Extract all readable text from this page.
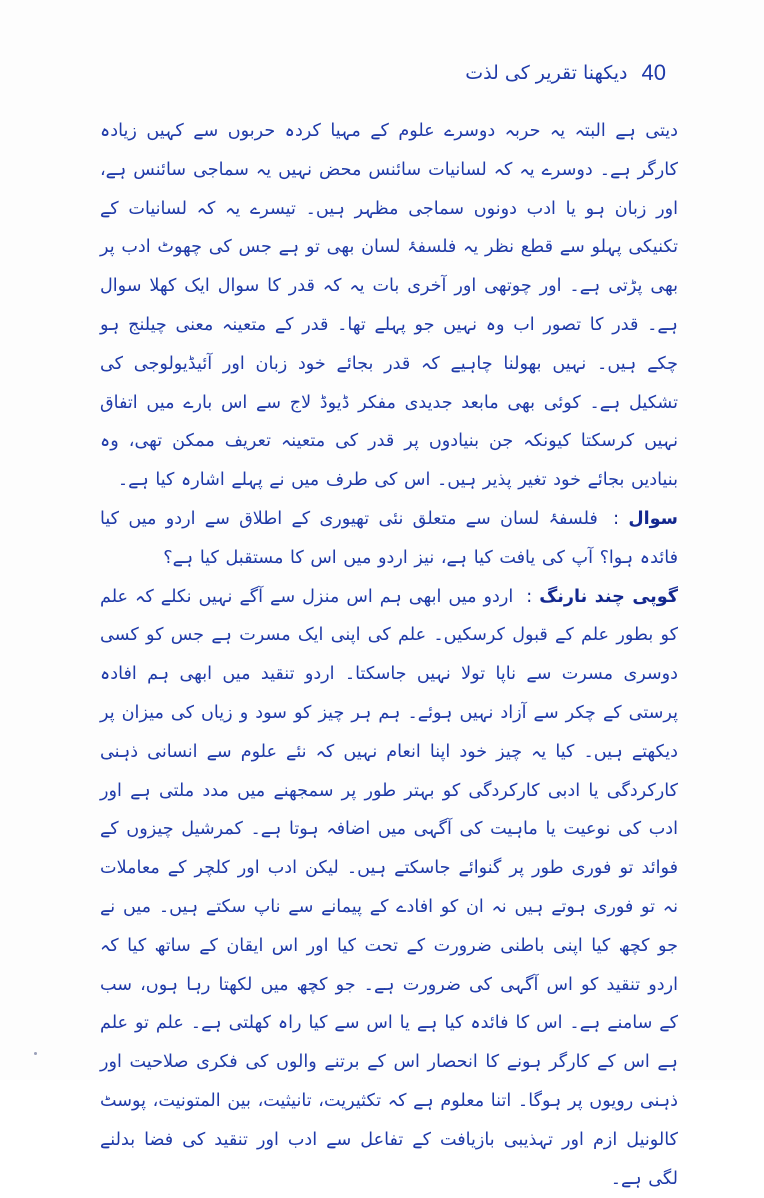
40
دیکھنا تقریر کی لذت

دیتی ہے البتہ یہ حربہ دوسرے علوم کے مہیا کردہ حربوں سے کہیں زیادہ کارگر ہے۔ دوسرے یہ کہ لسانیات سائنس محض نہیں یہ سماجی سائنس ہے، اور زبان ہو یا ادب دونوں سماجی مظہر ہیں۔ تیسرے یہ کہ لسانیات کے تکنیکی پہلو سے قطع نظر یہ فلسفۂ لسان بھی تو ہے جس کی چھوٹ ادب پر بھی پڑتی ہے۔ اور چوتھی اور آخری بات یہ کہ قدر کا سوال ایک کھلا سوال ہے۔ قدر کا تصور اب وہ نہیں جو پہلے تھا۔ قدر کے متعینہ معنی چیلنج ہو چکے ہیں۔ نہیں بھولنا چاہیے کہ قدر بجائے خود زبان اور آئیڈیولوجی کی تشکیل ہے۔ کوئی بھی مابعد جدیدی مفکر ڈیوڈ لاج سے اس بارے میں اتفاق نہیں کرسکتا کیونکہ جن بنیادوں پر قدر کی متعینہ تعریف ممکن تھی، وہ بنیادیں بجائے خود تغیر پذیر ہیں۔ اس کی طرف میں نے پہلے اشارہ کیا ہے۔

سوال : فلسفۂ لسان سے متعلق نئی تھیوری کے اطلاق سے اردو میں کیا فائدہ ہوا؟ آپ کی یافت کیا ہے، نیز اردو میں اس کا مستقبل کیا ہے؟

گوپی چند نارنگ : اردو میں ابھی ہم اس منزل سے آگے نہیں نکلے کہ علم کو بطور علم کے قبول کرسکیں۔ علم کی اپنی ایک مسرت ہے جس کو کسی دوسری مسرت سے ناپا تولا نہیں جاسکتا۔ اردو تنقید میں ابھی ہم افادہ پرستی کے چکر سے آزاد نہیں ہوئے۔ ہم ہر چیز کو سود و زیاں کی میزان پر دیکھتے ہیں۔ کیا یہ چیز خود اپنا انعام نہیں کہ نئے علوم سے انسانی ذہنی کارکردگی یا ادبی کارکردگی کو بہتر طور پر سمجھنے میں مدد ملتی ہے اور ادب کی نوعیت یا ماہیت کی آگہی میں اضافہ ہوتا ہے۔ کمرشیل چیزوں کے فوائد تو فوری طور پر گنوائے جاسکتے ہیں۔ لیکن ادب اور کلچر کے معاملات نہ تو فوری ہوتے ہیں نہ ان کو افادے کے پیمانے سے ناپ سکتے ہیں۔ میں نے جو کچھ کیا اپنی باطنی ضرورت کے تحت کیا اور اس ایقان کے ساتھ کیا کہ اردو تنقید کو اس آگہی کی ضرورت ہے۔ جو کچھ میں لکھتا رہا ہوں، سب کے سامنے ہے۔ اس کا فائدہ کیا ہے یا اس سے کیا راہ کھلتی ہے۔ علم تو علم ہے اس کے کارگر ہونے کا انحصار اس کے برتنے والوں کی فکری صلاحیت اور ذہنی رویوں پر ہوگا۔ اتنا معلوم ہے کہ تکثیریت، تانیثیت، بین المتونیت، پوسٹ کالونیل ازم اور تہذیبی بازیافت کے تفاعل سے ادب اور تنقید کی فضا بدلنے لگی ہے۔
